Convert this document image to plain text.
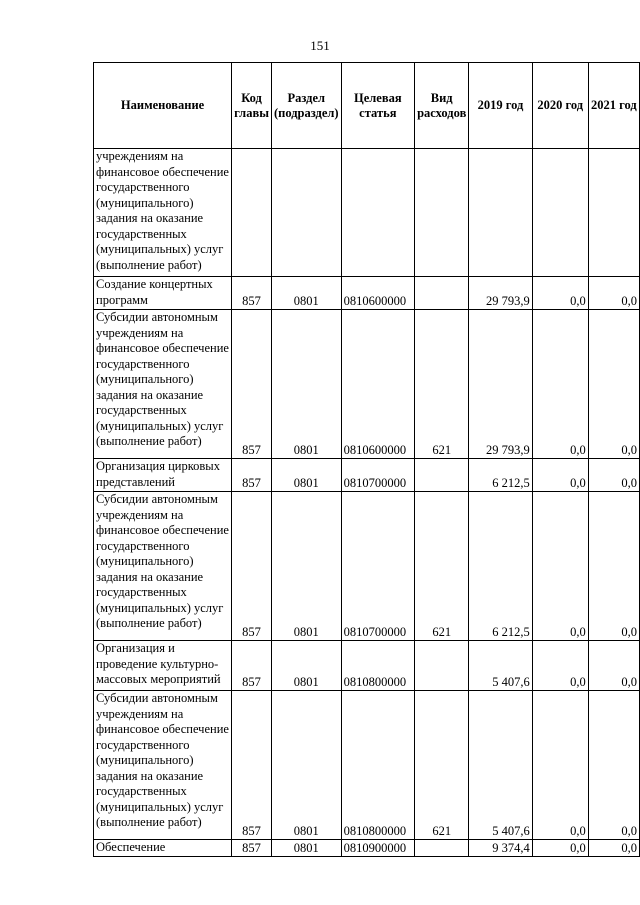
151
Наименование	Код главы	Раздел (подраздел)	Целевая статья	Вид расходов	2019 год	2020 год	2021 год
учреждениям на финансовое обеспечение государственного (муниципального) задания на оказание государственных (муниципальных) услуг (выполнение работ)							
Создание концертных программ	857	0801	0810600000		29 793,9	0,0	0,0
Субсидии автономным учреждениям на финансовое обеспечение государственного (муниципального) задания на оказание государственных (муниципальных) услуг (выполнение работ)	857	0801	0810600000	621	29 793,9	0,0	0,0
Организация цирковых представлений	857	0801	0810700000		6 212,5	0,0	0,0
Субсидии автономным учреждениям на финансовое обеспечение государственного (муниципального) задания на оказание государственных (муниципальных) услуг (выполнение работ)	857	0801	0810700000	621	6 212,5	0,0	0,0
Организация и проведение культурно-массовых мероприятий	857	0801	0810800000		5 407,6	0,0	0,0
Субсидии автономным учреждениям на финансовое обеспечение государственного (муниципального) задания на оказание государственных (муниципальных) услуг (выполнение работ)	857	0801	0810800000	621	5 407,6	0,0	0,0
Обеспечение	857	0801	0810900000		9 374,4	0,0	0,0
